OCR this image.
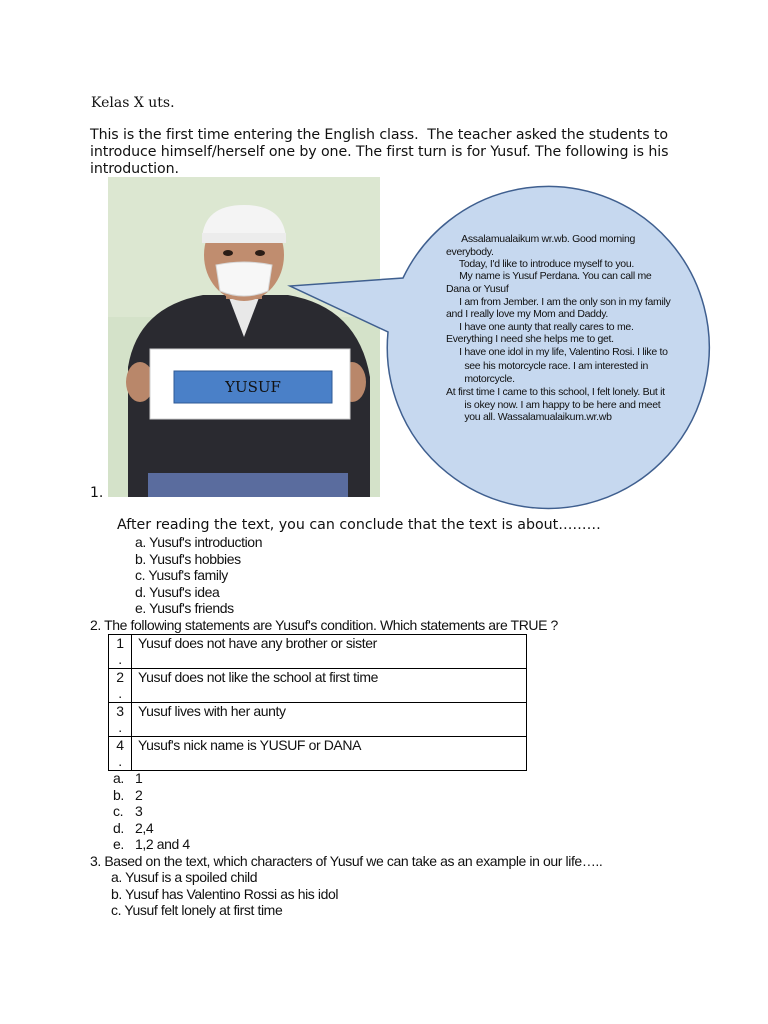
Kelas X uts.
This is the first time entering the English class.  The teacher asked the students to
introduce himself/herself one by one. The first turn is for Yusuf. The following is his
introduction.
YUSUF
Assalamualaikum wr.wb. Good morning
everybody.
Today, I'd like to introduce myself to you.
My name is Yusuf Perdana. You can call me
Dana or Yusuf
I am from Jember. I am the only son in my family
and I really love my Mom and Daddy.
I have one aunty that really cares to me.
Everything I need she helps me to get.
I have one idol in my life, Valentino Rosi. I like to
see his motorcycle race. I am interested in
motorcycle.
At first time I came to this school, I felt lonely. But it
is okey now. I am happy to be here and meet
you all. Wassalamualaikum.wr.wb
1.
After reading the text, you can conclude that the text is about………
a. Yusuf's introduction
b. Yusuf's hobbies
c. Yusuf's family
d. Yusuf's idea
e. Yusuf's friends
2. The following statements are Yusuf's condition. Which statements are TRUE ?
1
.	Yusuf does not have any brother or sister

2
.	Yusuf does not like the school at first time

3
.	Yusuf lives with her aunty

4
.	Yusuf's nick name is YUSUF or DANA
a. 1
b. 2
c. 3
d. 2,4
e. 1,2 and 4
3. Based on the text, which characters of Yusuf we can take as an example in our life…..
a. Yusuf is a spoiled child
b. Yusuf has Valentino Rossi as his idol
c. Yusuf felt lonely at first time
